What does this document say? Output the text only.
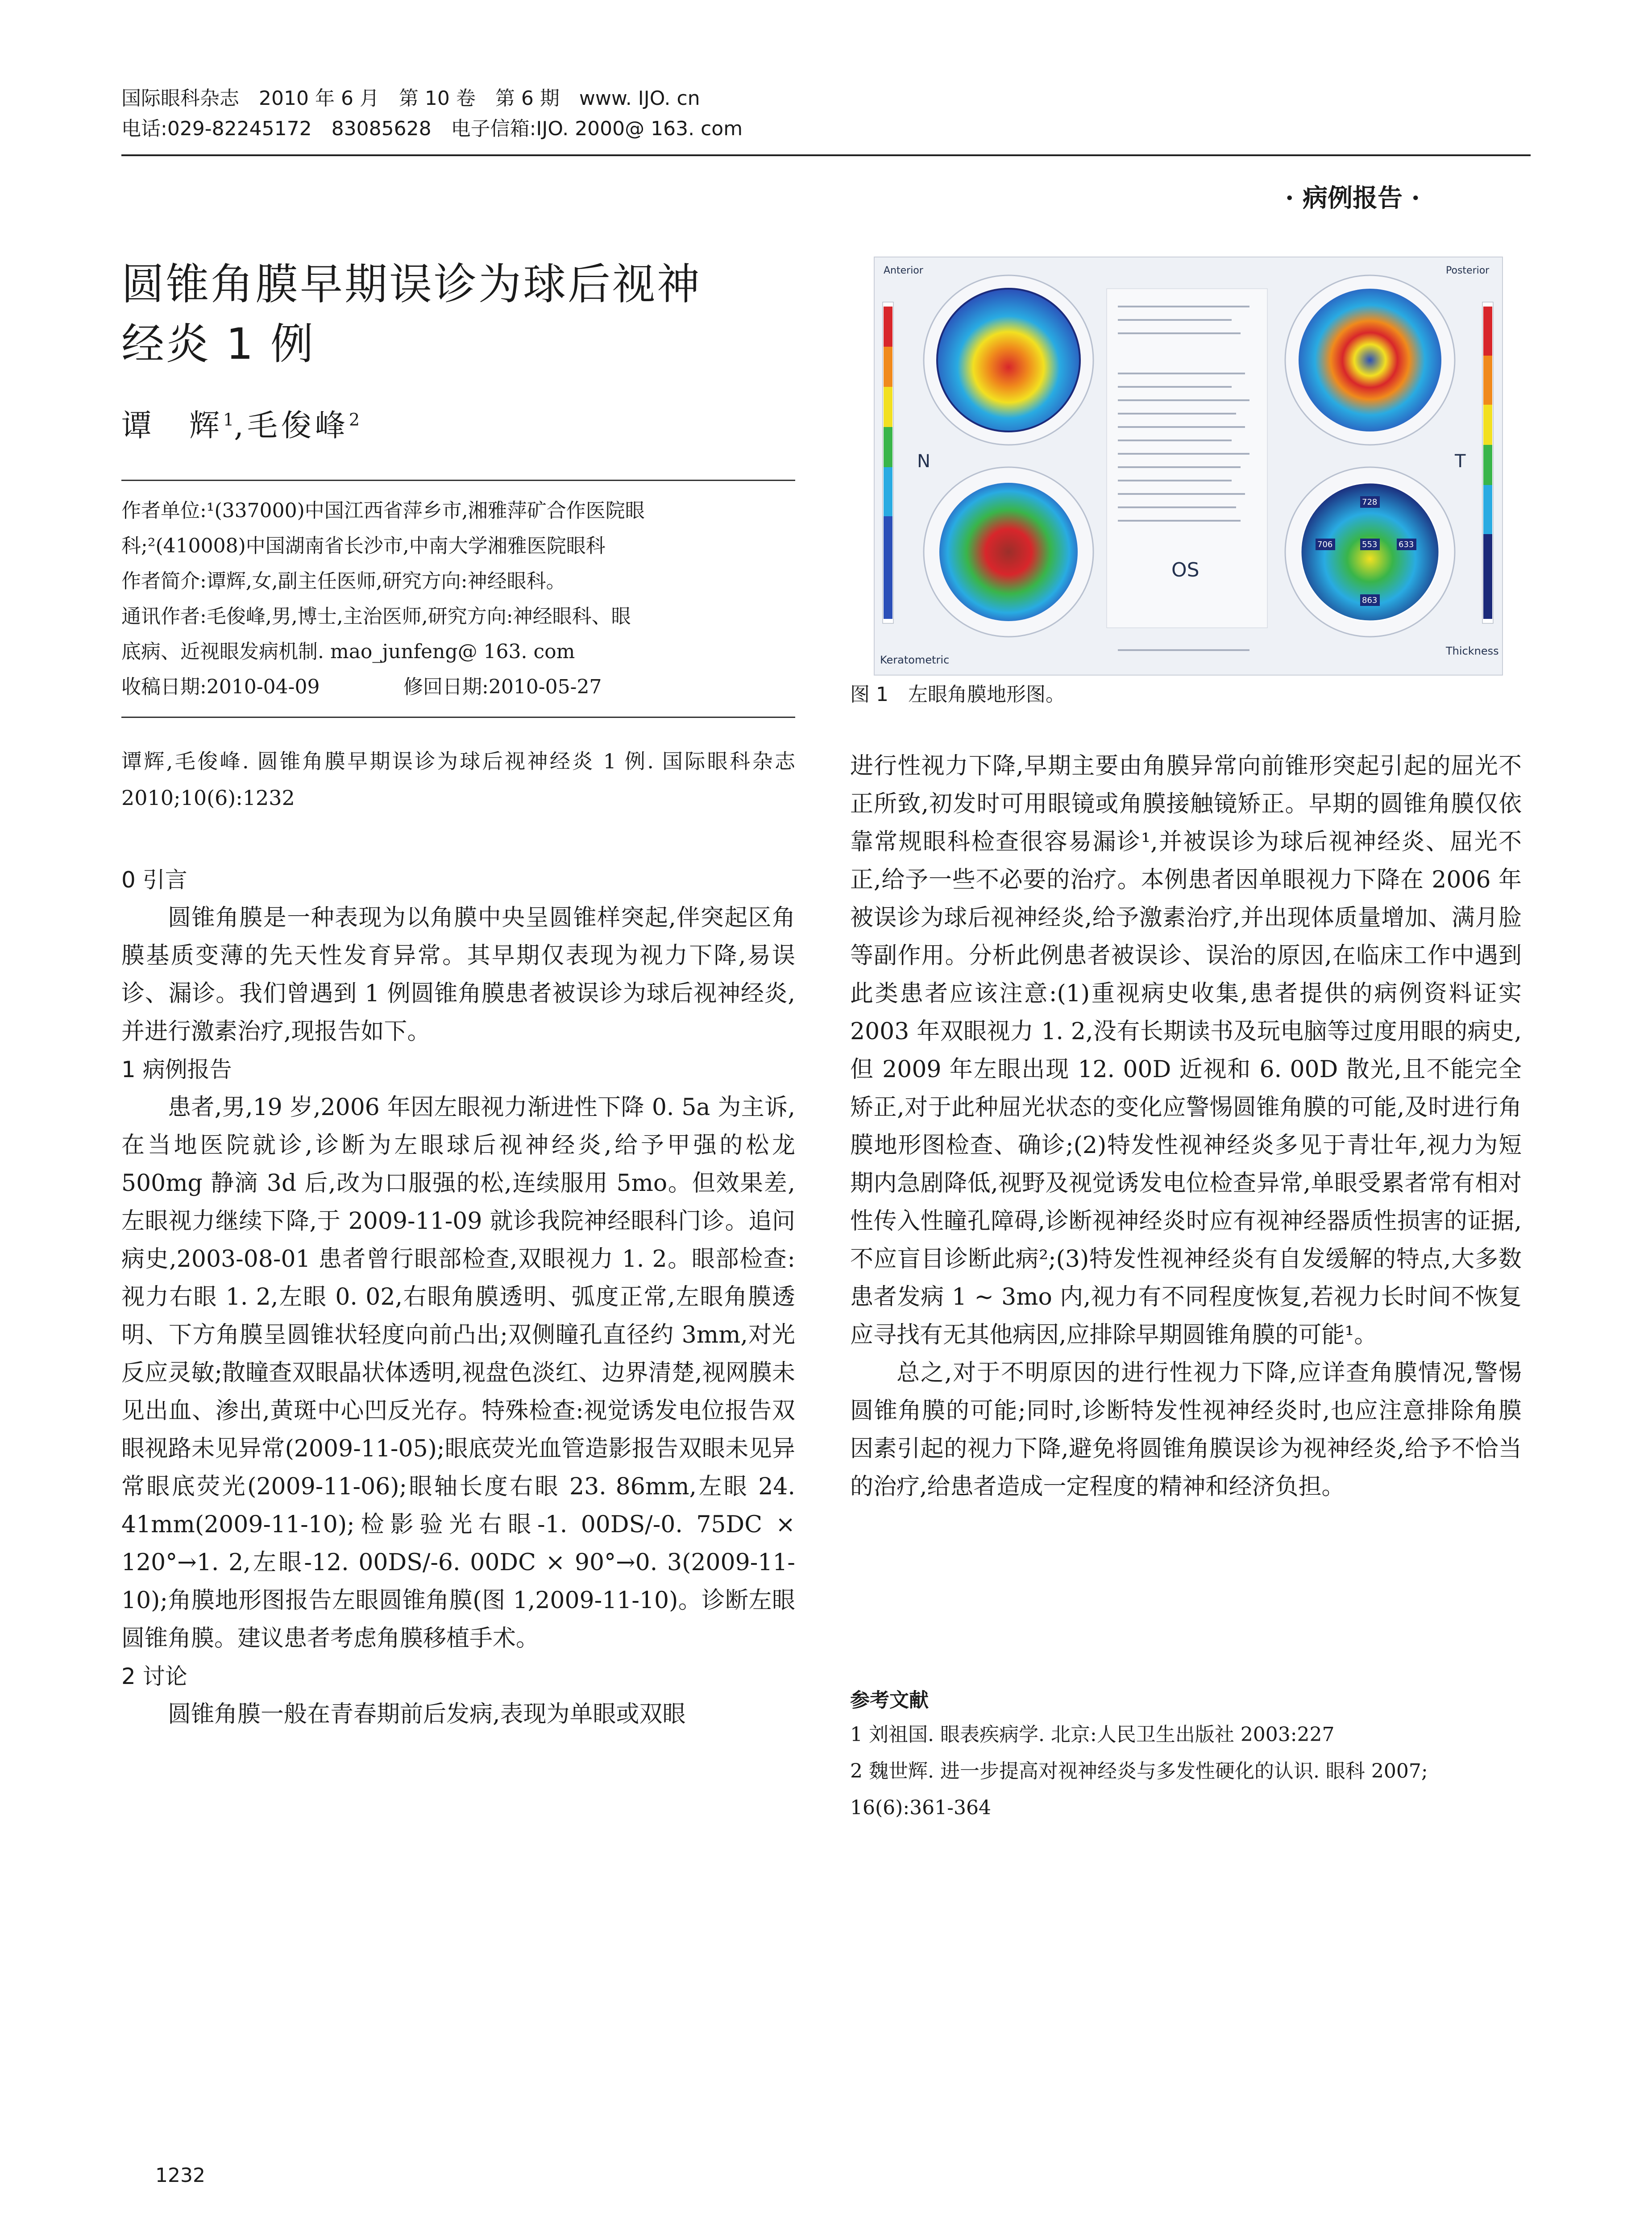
国际眼科杂志　2010 年 6 月　第 10 卷　第 6 期　www. IJO. cn
电话:029-82245172　83085628　电子信箱:IJO. 2000@ 163. com
· 病例报告 ·
圆锥角膜早期误诊为球后视神
经炎 1 例
谭　辉$^1$,毛俊峰$^2$
作者单位:¹(337000)中国江西省萍乡市,湘雅萍矿合作医院眼
科;²(410008)中国湖南省长沙市,中南大学湘雅医院眼科
作者简介:谭辉,女,副主任医师,研究方向:神经眼科。
通讯作者:毛俊峰,男,博士,主治医师,研究方向:神经眼科、眼
底病、近视眼发病机制. mao_junfeng@ 163. com
收稿日期:2010-04-09	修回日期:2010-05-27
谭辉,毛俊峰. 圆锥角膜早期误诊为球后视神经炎 1 例. 国际眼科杂志 2010;10(6):1232
0 引言

圆锥角膜是一种表现为以角膜中央呈圆锥样突起,伴突起区角膜基质变薄的先天性发育异常。其早期仅表现为视力下降,易误诊、漏诊。我们曾遇到 1 例圆锥角膜患者被误诊为球后视神经炎,并进行激素治疗,现报告如下。

1 病例报告

患者,男,19 岁,2006 年因左眼视力渐进性下降 0. 5a 为主诉,在当地医院就诊,诊断为左眼球后视神经炎,给予甲强的松龙 500mg 静滴 3d 后,改为口服强的松,连续服用 5mo。但效果差,左眼视力继续下降,于 2009-11-09 就诊我院神经眼科门诊。追问病史,2003-08-01 患者曾行眼部检查,双眼视力 1. 2。眼部检查:视力右眼 1. 2,左眼 0. 02,右眼角膜透明、弧度正常,左眼角膜透明、下方角膜呈圆锥状轻度向前凸出;双侧瞳孔直径约 3mm,对光反应灵敏;散瞳查双眼晶状体透明,视盘色淡红、边界清楚,视网膜未见出血、渗出,黄斑中心凹反光存。特殊检查:视觉诱发电位报告双眼视路未见异常(2009-11-05);眼底荧光血管造影报告双眼未见异常眼底荧光(2009-11-06);眼轴长度右眼 23. 86mm,左眼 24. 41mm(2009-11-10);检影验光右眼-1. 00DS/-0. 75DC × 120°→1. 2,左眼-12. 00DS/-6. 00DC × 90°→0. 3(2009-11-10);角膜地形图报告左眼圆锥角膜(图 1,2009-11-10)。诊断左眼圆锥角膜。建议患者考虑角膜移植手术。

2 讨论

圆锥角膜一般在青春期前后发病,表现为单眼或双眼

Anterior	Posterior
N	T
OS
Keratometric
Thickness
728
706	553	633
863
图 1　左眼角膜地形图。

进行性视力下降,早期主要由角膜异常向前锥形突起引起的屈光不正所致,初发时可用眼镜或角膜接触镜矫正。早期的圆锥角膜仅依靠常规眼科检查很容易漏诊¹,并被误诊为球后视神经炎、屈光不正,给予一些不必要的治疗。本例患者因单眼视力下降在 2006 年被误诊为球后视神经炎,给予激素治疗,并出现体质量增加、满月脸等副作用。分析此例患者被误诊、误治的原因,在临床工作中遇到此类患者应该注意:(1)重视病史收集,患者提供的病例资料证实 2003 年双眼视力 1. 2,没有长期读书及玩电脑等过度用眼的病史,但 2009 年左眼出现 12. 00D 近视和 6. 00D 散光,且不能完全矫正,对于此种屈光状态的变化应警惕圆锥角膜的可能,及时进行角膜地形图检查、确诊;(2)特发性视神经炎多见于青壮年,视力为短期内急剧降低,视野及视觉诱发电位检查异常,单眼受累者常有相对性传入性瞳孔障碍,诊断视神经炎时应有视神经器质性损害的证据,不应盲目诊断此病²;(3)特发性视神经炎有自发缓解的特点,大多数患者发病 1 ~ 3mo 内,视力有不同程度恢复,若视力长时间不恢复应寻找有无其他病因,应排除早期圆锥角膜的可能¹。

总之,对于不明原因的进行性视力下降,应详查角膜情况,警惕圆锥角膜的可能;同时,诊断特发性视神经炎时,也应注意排除角膜因素引起的视力下降,避免将圆锥角膜误诊为视神经炎,给予不恰当的治疗,给患者造成一定程度的精神和经济负担。

参考文献
1 刘祖国. 眼表疾病学. 北京:人民卫生出版社 2003:227
2 魏世辉. 进一步提高对视神经炎与多发性硬化的认识. 眼科 2007;
16(6):361-364
1232
